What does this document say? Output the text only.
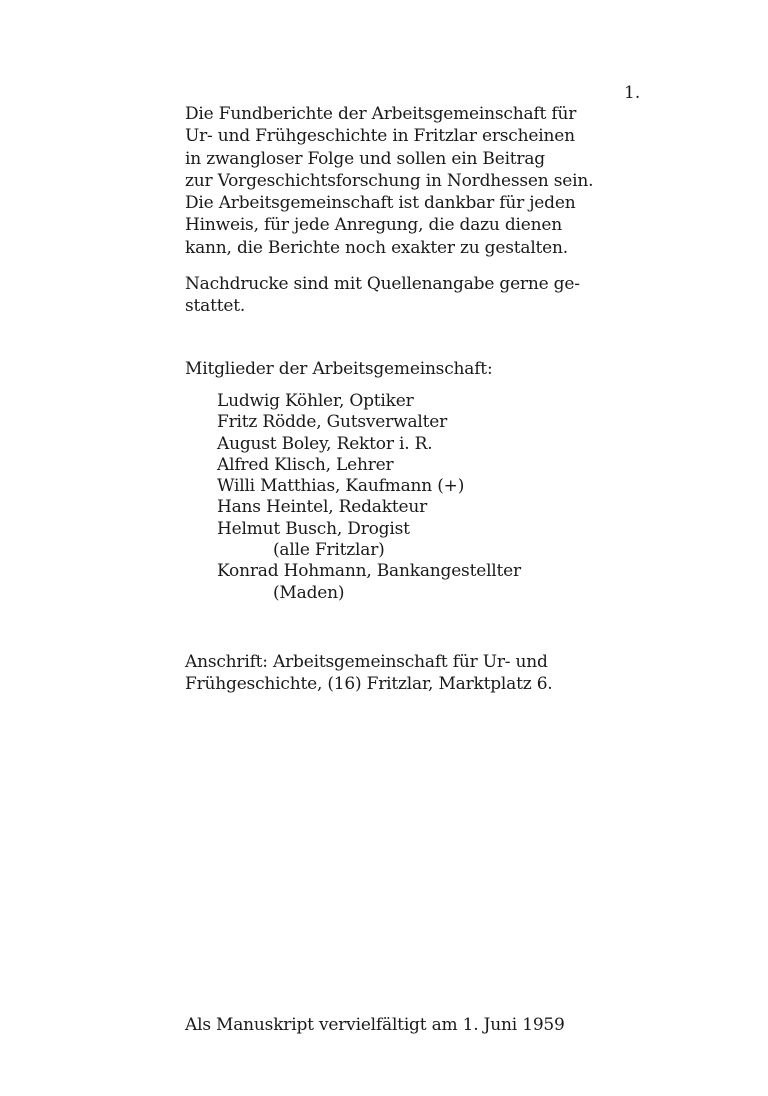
1.
Die Fundberichte der Arbeitsgemeinschaft für
Ur- und Frühgeschichte in Fritzlar erscheinen
in zwangloser Folge und sollen ein Beitrag
zur Vorgeschichtsforschung in Nordhessen sein.
Die Arbeitsgemeinschaft ist dankbar für jeden
Hinweis, für jede Anregung, die dazu dienen
kann, die Berichte noch exakter zu gestalten.
Nachdrucke sind mit Quellenangabe gerne ge-
stattet.
Mitglieder der Arbeitsgemeinschaft:
Ludwig Köhler, Optiker
Fritz Rödde, Gutsverwalter
August Boley, Rektor i. R.
Alfred Klisch, Lehrer
Willi Matthias, Kaufmann (+)
Hans Heintel, Redakteur
Helmut Busch, Drogist
(alle Fritzlar)
Konrad Hohmann, Bankangestellter
(Maden)
Anschrift: Arbeitsgemeinschaft für Ur- und
Frühgeschichte, (16) Fritzlar, Marktplatz 6.
Als Manuskript vervielfältigt am 1. Juni 1959
